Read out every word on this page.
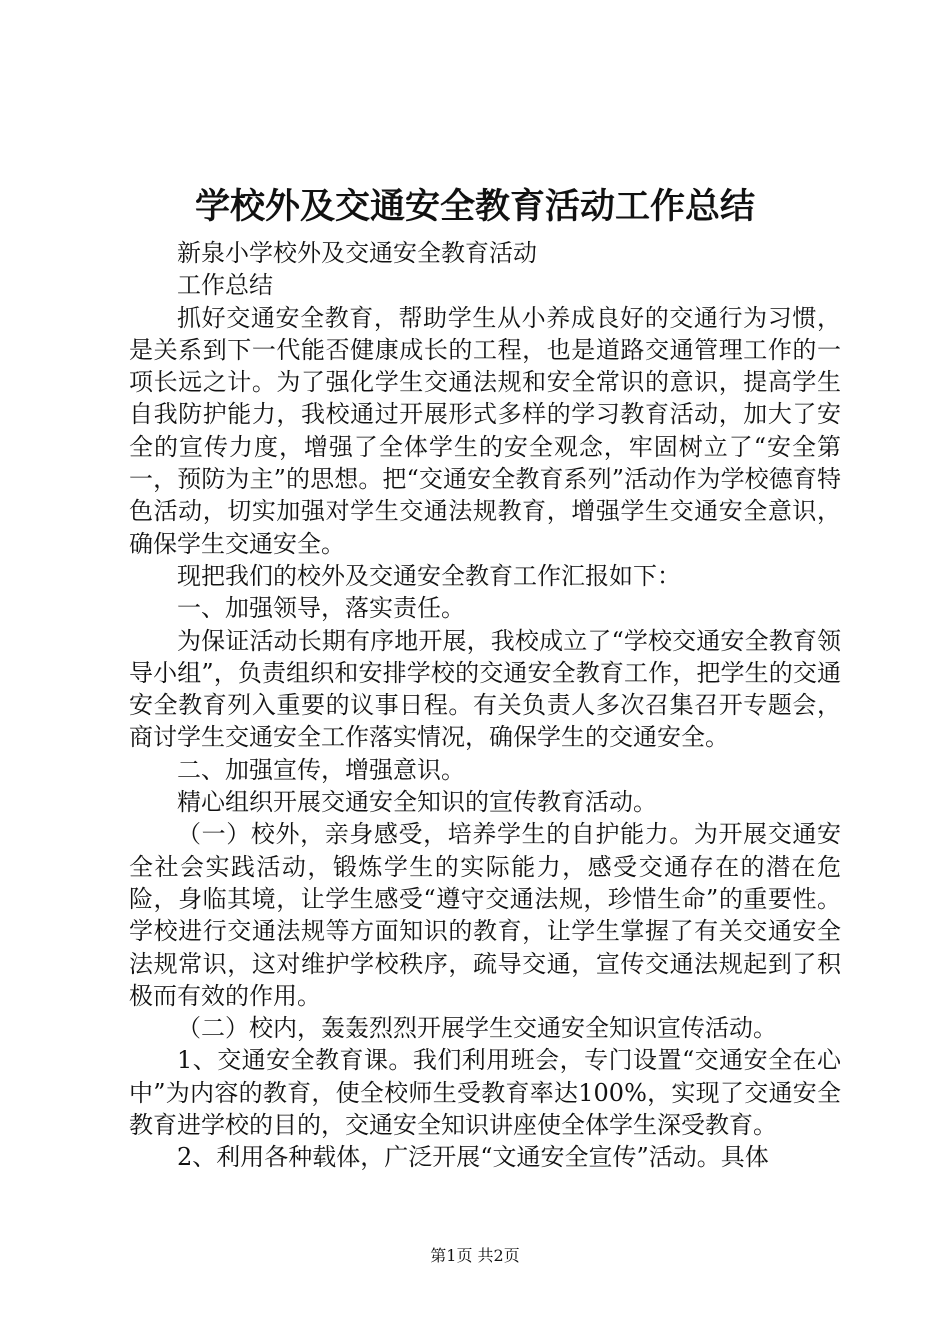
学校外及交通安全教育活动工作总结

新泉小学校外及交通安全教育活动

工作总结

抓好交通安全教育，帮助学生从小养成良好的交通行为习惯，是关系到下一代能否健康成长的工程，也是道路交通管理工作的一项长远之计。为了强化学生交通法规和安全常识的意识，提高学生自我防护能力，我校通过开展形式多样的学习教育活动，加大了安全的宣传力度，增强了全体学生的安全观念，牢固树立了“安全第一，预防为主”的思想。把“交通安全教育系列”活动作为学校德育特色活动，切实加强对学生交通法规教育，增强学生交通安全意识，确保学生交通安全。

现把我们的校外及交通安全教育工作汇报如下：

一、加强领导，落实责任。

为保证活动长期有序地开展，我校成立了“学校交通安全教育领导小组”，负责组织和安排学校的交通安全教育工作，把学生的交通安全教育列入重要的议事日程。有关负责人多次召集召开专题会，商讨学生交通安全工作落实情况，确保学生的交通安全。

二、加强宣传，增强意识。

精心组织开展交通安全知识的宣传教育活动。

（一）校外，亲身感受，培养学生的自护能力。为开展交通安全社会实践活动，锻炼学生的实际能力，感受交通存在的潜在危险，身临其境，让学生感受“遵守交通法规，珍惜生命”的重要性。学校进行交通法规等方面知识的教育，让学生掌握了有关交通安全法规常识，这对维护学校秩序，疏导交通，宣传交通法规起到了积极而有效的作用。

（二）校内，轰轰烈烈开展学生交通安全知识宣传活动。

1、交通安全教育课。我们利用班会，专门设置“交通安全在心中”为内容的教育，使全校师生受教育率达100%，实现了交通安全教育进学校的目的，交通安全知识讲座使全体学生深受教育。

2、利用各种载体，广泛开展“文通安全宣传”活动。具体

第1页 共2页
